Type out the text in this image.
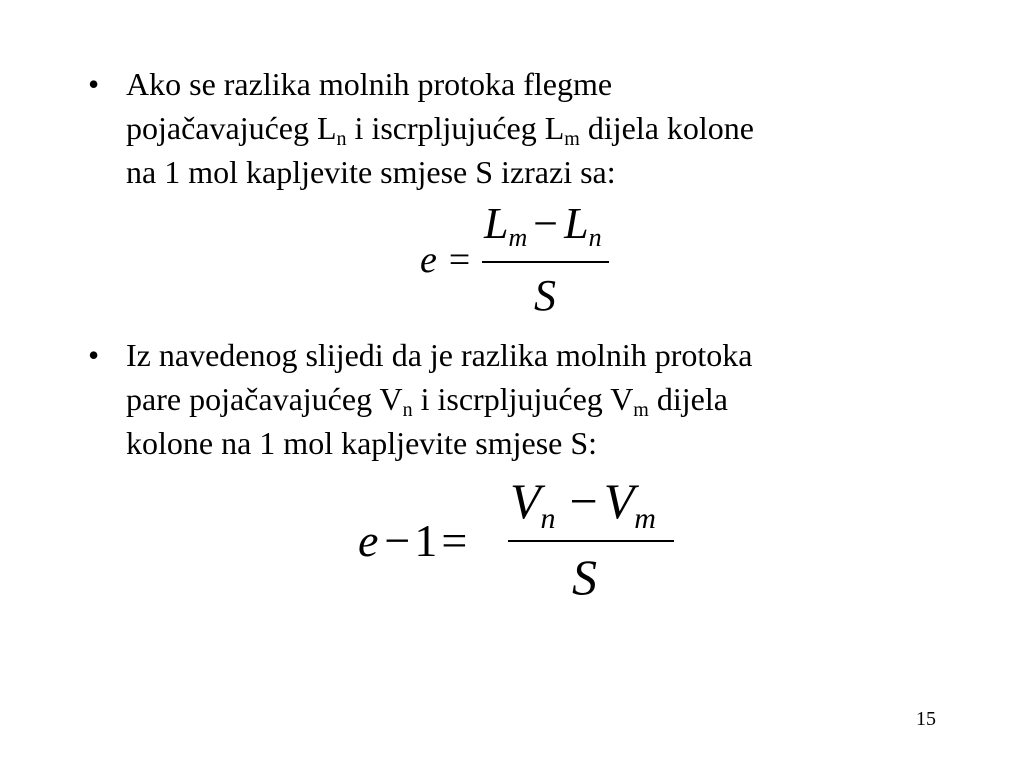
• Ako se razlika molnih protoka flegme
pojačavajućeg $L_n$ i iscrpljujućeg $L_m$ dijela kolone
na 1 mol kapljevite smjese S izrazi sa:
e =
$L_m - L_n$
S
• Iz navedenog slijedi da je razlika molnih protoka
pare pojačavajućeg $V_n$ i iscrpljujućeg $V_m$ dijela
kolone na 1 mol kapljevite smjese S:
e −1=
$V_n - V_m$
S
15
